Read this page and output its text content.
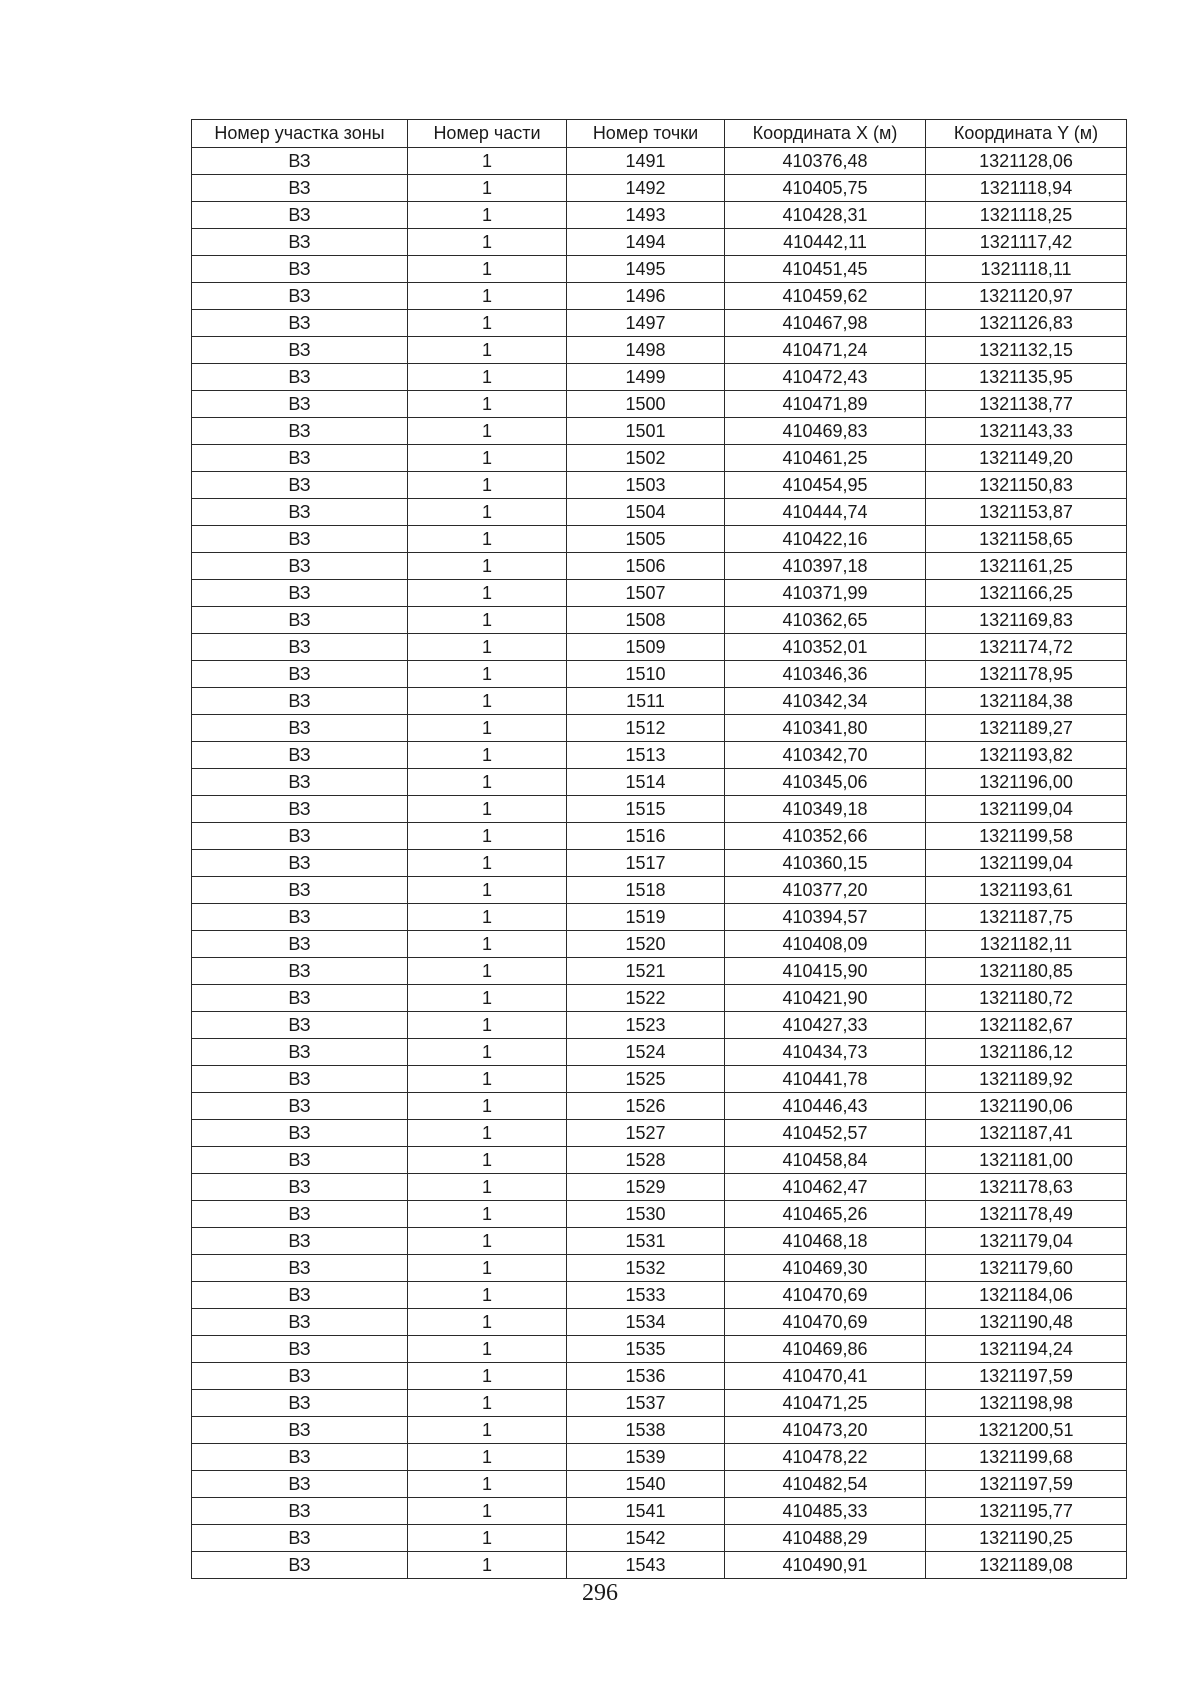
Номер участка зоны	Номер части	Номер точки	Координата X (м)	Координата Y (м)
ВЗ	1	1491	410376,48	1321128,06
ВЗ	1	1492	410405,75	1321118,94
ВЗ	1	1493	410428,31	1321118,25
ВЗ	1	1494	410442,11	1321117,42
ВЗ	1	1495	410451,45	1321118,11
ВЗ	1	1496	410459,62	1321120,97
ВЗ	1	1497	410467,98	1321126,83
ВЗ	1	1498	410471,24	1321132,15
ВЗ	1	1499	410472,43	1321135,95
ВЗ	1	1500	410471,89	1321138,77
ВЗ	1	1501	410469,83	1321143,33
ВЗ	1	1502	410461,25	1321149,20
ВЗ	1	1503	410454,95	1321150,83
ВЗ	1	1504	410444,74	1321153,87
ВЗ	1	1505	410422,16	1321158,65
ВЗ	1	1506	410397,18	1321161,25
ВЗ	1	1507	410371,99	1321166,25
ВЗ	1	1508	410362,65	1321169,83
ВЗ	1	1509	410352,01	1321174,72
ВЗ	1	1510	410346,36	1321178,95
ВЗ	1	1511	410342,34	1321184,38
ВЗ	1	1512	410341,80	1321189,27
ВЗ	1	1513	410342,70	1321193,82
ВЗ	1	1514	410345,06	1321196,00
ВЗ	1	1515	410349,18	1321199,04
ВЗ	1	1516	410352,66	1321199,58
ВЗ	1	1517	410360,15	1321199,04
ВЗ	1	1518	410377,20	1321193,61
ВЗ	1	1519	410394,57	1321187,75
ВЗ	1	1520	410408,09	1321182,11
ВЗ	1	1521	410415,90	1321180,85
ВЗ	1	1522	410421,90	1321180,72
ВЗ	1	1523	410427,33	1321182,67
ВЗ	1	1524	410434,73	1321186,12
ВЗ	1	1525	410441,78	1321189,92
ВЗ	1	1526	410446,43	1321190,06
ВЗ	1	1527	410452,57	1321187,41
ВЗ	1	1528	410458,84	1321181,00
ВЗ	1	1529	410462,47	1321178,63
ВЗ	1	1530	410465,26	1321178,49
ВЗ	1	1531	410468,18	1321179,04
ВЗ	1	1532	410469,30	1321179,60
ВЗ	1	1533	410470,69	1321184,06
ВЗ	1	1534	410470,69	1321190,48
ВЗ	1	1535	410469,86	1321194,24
ВЗ	1	1536	410470,41	1321197,59
ВЗ	1	1537	410471,25	1321198,98
ВЗ	1	1538	410473,20	1321200,51
ВЗ	1	1539	410478,22	1321199,68
ВЗ	1	1540	410482,54	1321197,59
ВЗ	1	1541	410485,33	1321195,77
ВЗ	1	1542	410488,29	1321190,25
ВЗ	1	1543	410490,91	1321189,08
296
